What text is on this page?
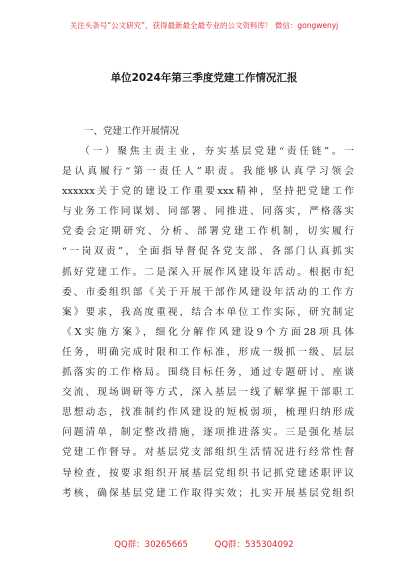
关注头条号“公文研究”，获得最新最全最专业的公文资料库！ 微信：gongwenyj
单位2024年第三季度党建工作情况汇报
一、党建工作开展情况
（一）聚焦主责主业，夯实基层党建“责任链”。一
是认真履行“第一责任人”职责。我能够认真学习领会
xxxxxx关于党的建设工作重要xxx精神，坚持把党建工作
与业务工作同谋划、同部署、同推进、同落实，严格落实
党委会定期研究、分析、部署党建工作机制，切实履行
“一岗双责”，全面指导督促各党支部、各部门认真抓实
抓好党建工作。二是深入开展作风建设年活动。根据市纪
委、市委组织部《关于开展干部作风建设年活动的工作方
案》要求，我高度重视，结合本单位工作实际，研究制定
《X实施方案》，细化分解作风建设9个方面28项具体
任务，明确完成时限和工作标准，形成一级抓一级、层层
抓落实的工作格局。围绕目标任务，通过专题研讨、座谈
交流、现场调研等方式，深入基层一线了解掌握干部职工
思想动态，找准制约作风建设的短板弱项，梳理归纳形成
问题清单，制定整改措施，逐项推进落实。三是强化基层
党建工作督导。对基层党支部组织生活情况进行经常性督
导检查，按要求组织开展基层党组织书记抓党建述职评议
考核，确保基层党建工作取得实效；扎实开展基层党组织
QQ群：30265665	QQ群：535304092
